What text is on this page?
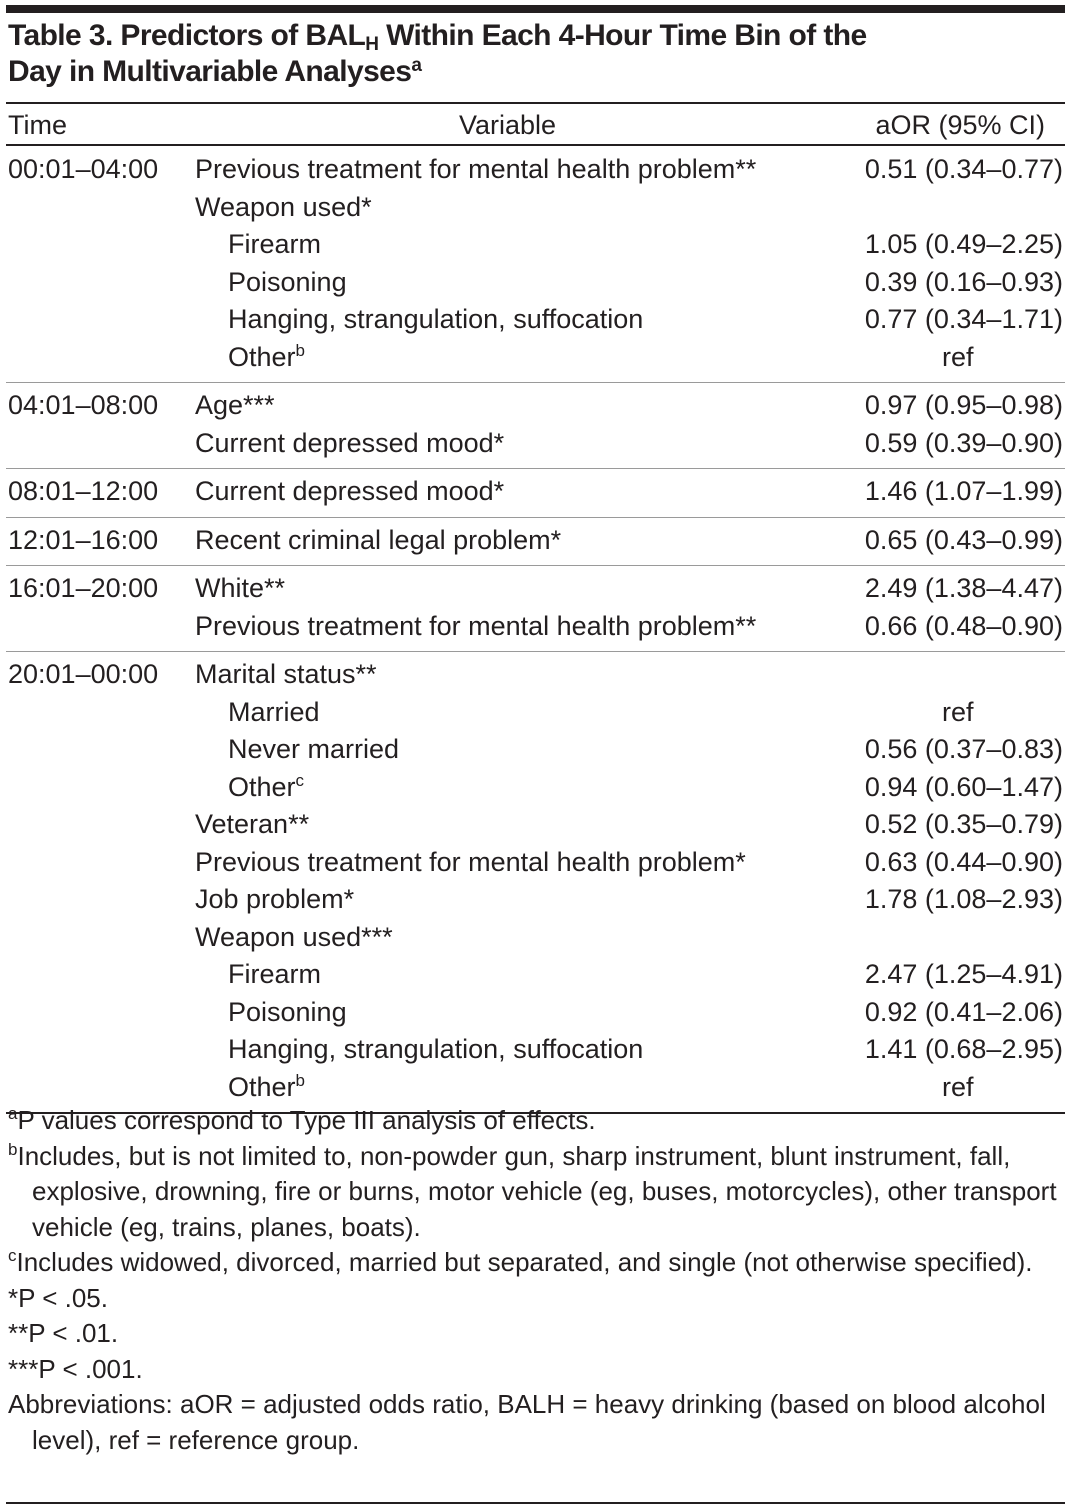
Table 3. Predictors of $BAL_H$ Within Each 4-Hour Time Bin of the
Day in Multivariable Analyses$^a$
Time	Variable	aOR (95% CI)
00:01–04:00 Previous treatment for mental health problem**	0.51 (0.34–0.77)
Weapon used*
Firearm	1.05 (0.49–2.25)
Poisoning	0.39 (0.16–0.93)
Hanging, strangulation, suffocation	0.77 (0.34–1.71)
Other$^b$	ref
04:01–08:00 Age***	0.97 (0.95–0.98)
Current depressed mood*	0.59 (0.39–0.90)
08:01–12:00 Current depressed mood*	1.46 (1.07–1.99)
12:01–16:00 Recent criminal legal problem*	0.65 (0.43–0.99)
16:01–20:00 White**	2.49 (1.38–4.47)
Previous treatment for mental health problem**	0.66 (0.48–0.90)
20:01–00:00 Marital status**
Married	ref
Never married	0.56 (0.37–0.83)
Other$^c$	0.94 (0.60–1.47)
Veteran**	0.52 (0.35–0.79)
Previous treatment for mental health problem*	0.63 (0.44–0.90)
Job problem*	1.78 (1.08–2.93)
Weapon used***
Firearm	2.47 (1.25–4.91)
Poisoning	0.92 (0.41–2.06)
Hanging, strangulation, suffocation	1.41 (0.68–2.95)
Other$^b$	ref
$^a$P values correspond to Type III analysis of effects.
$^b$Includes, but is not limited to, non-powder gun, sharp instrument, blunt instrument, fall, explosive, drowning, fire or burns, motor vehicle (eg, buses, motorcycles), other transport vehicle (eg, trains, planes, boats).
$^c$Includes widowed, divorced, married but separated, and single (not otherwise specified).
*P < .05.
**P < .01.
***P < .001.
Abbreviations: aOR = adjusted odds ratio, BALH = heavy drinking (based on blood alcohol level), ref = reference group.
